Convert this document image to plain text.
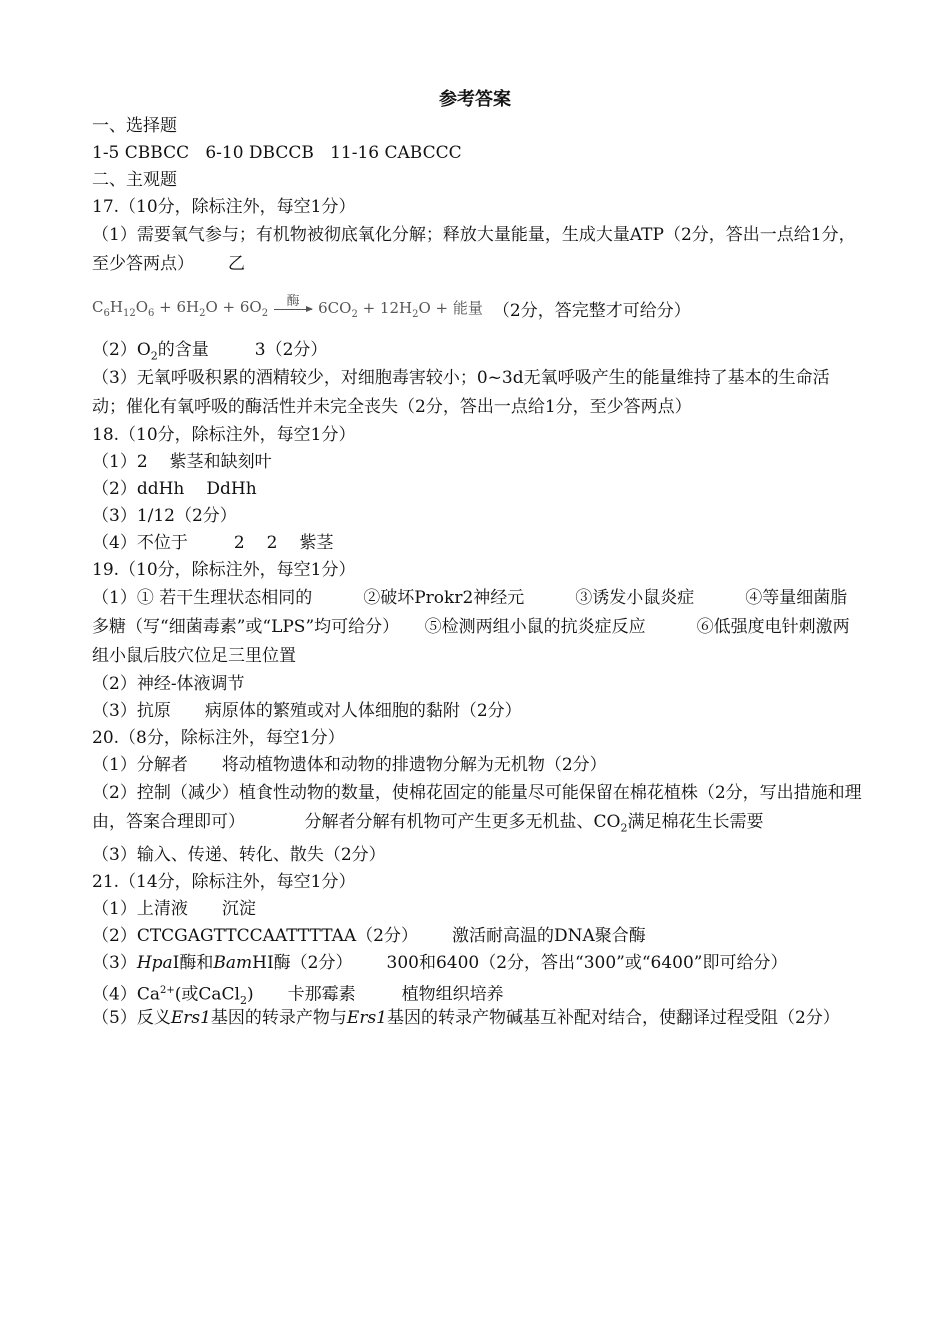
参考答案
一、选择题
1-5 CBBCC   6-10 DBCCB   11-16 CABCCC
二、主观题
17.（10分，除标注外，每空1分）
（1）需要氧气参与；有机物被彻底氧化分解；释放大量能量，生成大量ATP（2分，答出一点给1分，至少答两点） 乙
$C_6H_{12}O_6 + 6H_2O + 6O_2$
酶 $6CO_2 + 12H_2O$ + 能量 （2分，答完整才可给分）
$(2)O_2$的含量	3（2分）
（3）无氧呼吸积累的酒精较少，对细胞毒害较小；0~3d无氧呼吸产生的能量维持了基本的生命活动；催化有氧呼吸的酶活性并未完全丧失（2分，答出一点给1分，至少答两点）
18.（10分，除标注外，每空1分）
（1）2 紫茎和缺刻叶
（2）ddHh DdHh
（3）1/12（2分）
（4）不位于	2 2 紫茎
19.（10分，除标注外，每空1分）
（1）① 若干生理状态相同的　　　②破坏Prokr2神经元　　　③诱发小鼠炎症　　　④等量细菌脂多糖（写“细菌毒素”或“LPS”均可给分）　　⑤检测两组小鼠的抗炎症反应　　　⑥低强度电针刺激两组小鼠后肢穴位足三里位置
（2）神经-体液调节
（3）抗原 病原体的繁殖或对人体细胞的黏附（2分）
20.（8分，除标注外，每空1分）
（1）分解者 将动植物遗体和动物的排遗物分解为无机物（2分）
（2）控制（减少）植食性动物的数量，使棉花固定的能量尽可能保留在棉花植株（2分，写出措施和理由，答案合理即可）　　　　分解者分解有机物可产生更多无机盐、$CO_2$满足棉花生长需要
（3）输入、传递、转化、散失（2分）
21.（14分，除标注外，每空1分）
（1）上清液 沉淀
（2）CTCGAGTTCCAATTTTAA（2分） 激活耐高温的DNA聚合酶
（3）HpaⅠ酶和BamHⅠ酶（2分） 300和6400（2分，答出“300”或“6400”即可给分）
$(4)Ca^{2+}$(或CaCl$_2$) 卡那霉素	植物组织培养
（5）反义Ers1基因的转录产物与Ers1基因的转录产物碱基互补配对结合，使翻译过程受阻（2分）
